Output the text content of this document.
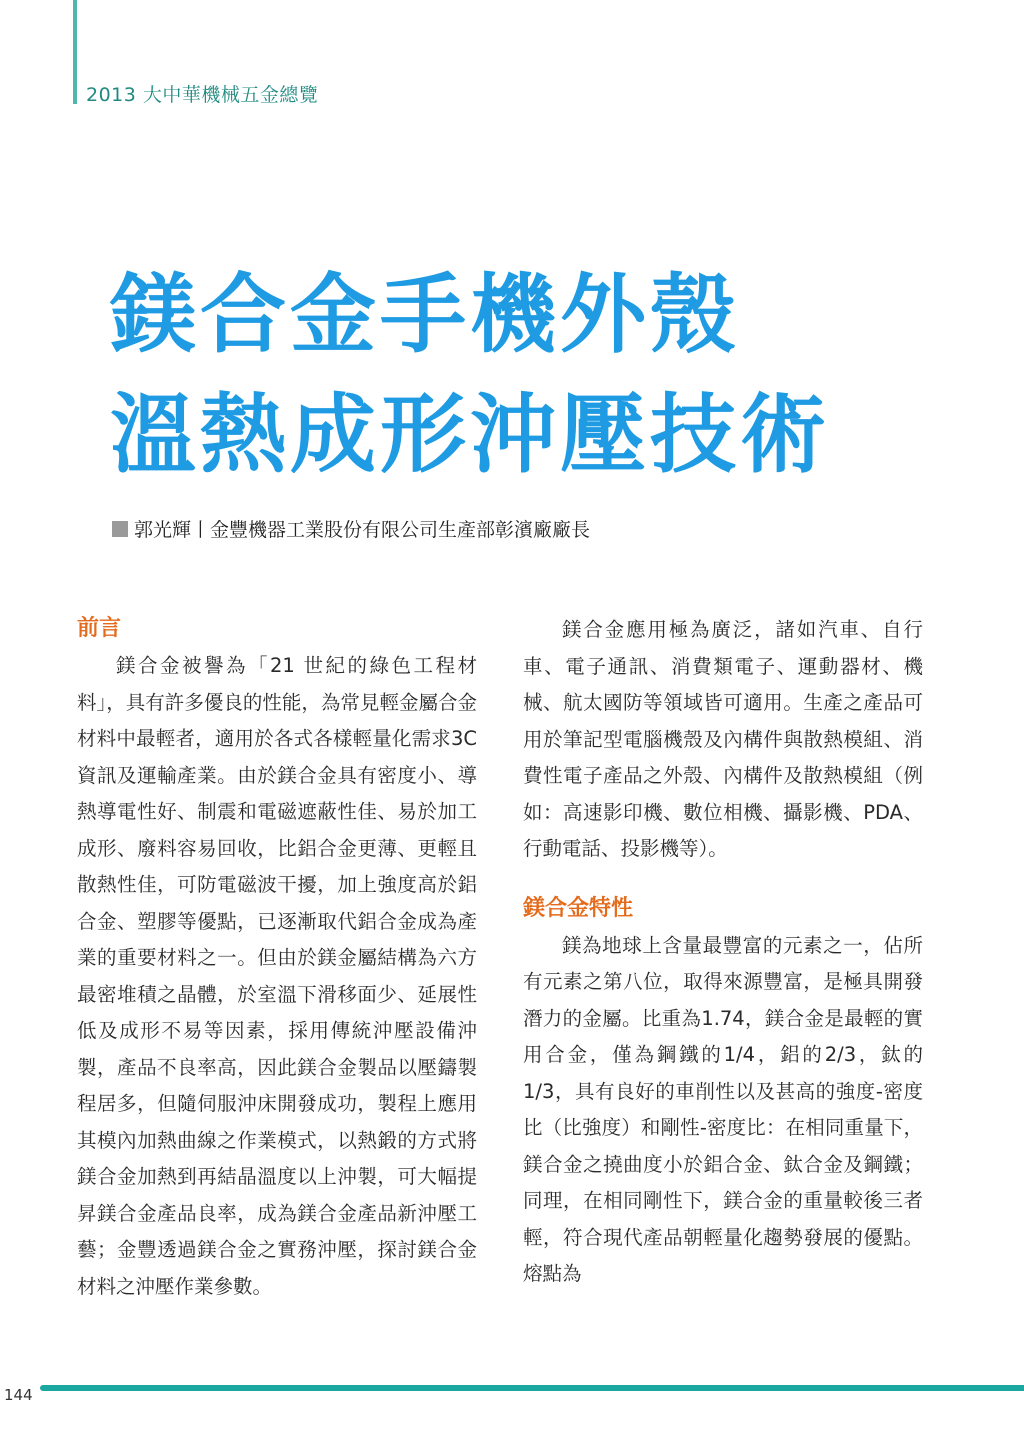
2013 大中華機械五金總覽
鎂合金手機外殼
溫熱成形沖壓技術
郭光輝丨金豐機器工業股份有限公司生產部彰濱廠廠長
前言

鎂合金被譽為「21 世紀的綠色工程材料」，具有許多優良的性能，為常見輕金屬合金材料中最輕者，適用於各式各樣輕量化需求3C資訊及運輸產業。由於鎂合金具有密度小、導熱導電性好、制震和電磁遮蔽性佳、易於加工成形、廢料容易回收，比鋁合金更薄、更輕且散熱性佳，可防電磁波干擾，加上強度高於鋁合金、塑膠等優點，已逐漸取代鋁合金成為產業的重要材料之一。但由於鎂金屬結構為六方最密堆積之晶體，於室溫下滑移面少、延展性低及成形不易等因素，採用傳統沖壓設備沖製，產品不良率高，因此鎂合金製品以壓鑄製程居多，但隨伺服沖床開發成功，製程上應用其模內加熱曲線之作業模式，以熱鍛的方式將鎂合金加熱到再結晶溫度以上沖製，可大幅提昇鎂合金產品良率，成為鎂合金產品新沖壓工藝；金豐透過鎂合金之實務沖壓，探討鎂合金材料之沖壓作業參數。

鎂合金應用極為廣泛，諸如汽車、自行車、電子通訊、消費類電子、運動器材、機械、航太國防等領域皆可適用。生產之產品可用於筆記型電腦機殼及內構件與散熱模組、消費性電子產品之外殼、內構件及散熱模組（例如：高速影印機、數位相機、攝影機、PDA、行動電話、投影機等）。

鎂合金特性

鎂為地球上含量最豐富的元素之一，佔所有元素之第八位，取得來源豐富，是極具開發潛力的金屬。比重為1.74，鎂合金是最輕的實用合金，僅為鋼鐵的1/4，鋁的2/3，鈦的1/3，具有良好的車削性以及甚高的強度-密度比（比強度）和剛性-密度比：在相同重量下，鎂合金之撓曲度小於鋁合金、鈦合金及鋼鐵；同理，在相同剛性下，鎂合金的重量較後三者輕，符合現代產品朝輕量化趨勢發展的優點。熔點為

144
